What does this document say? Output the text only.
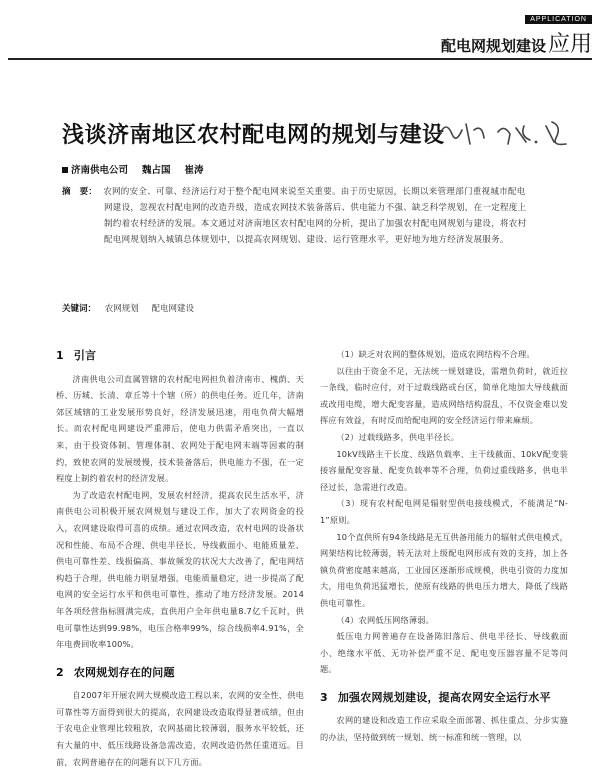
APPLICATION
配电网规划建设应用
浅谈济南地区农村配电网的规划与建设
济南供电公司 魏占国 崔涛
摘　要： 农网的安全、可靠、经济运行对于整个配电网来说至关重要。由于历史原因，长期以来管理部门重视城市配电网建设，忽视农村配电网的改造升级，造成农网技术装备落后、供电能力不强、缺乏科学规划，在一定程度上制约着农村经济的发展。本文通过对济南地区农村配电网的分析，提出了加强农村配电网规划与建设，将农村配电网规划纳入城镇总体规划中，以提高农网规划、建设、运行管理水平，更好地为地方经济发展服务。
关键词： 农网规划 配电网建设
1 引言

济南供电公司直属管辖的农村配电网担负着济南市、槐荫、天桥、历城、长清、章丘等十个辖（所）的供电任务。近几年，济南郊区域辖的工业发展形势良好，经济发展迅速，用电负荷大幅增长。而农村配电网建设严重滞后，使电力供需矛盾突出，一直以来，由于投资体制、管理体制、农网处于配电网末端等因素的制约，致使农网的发展缓慢，技术装备落后，供电能力不强，在一定程度上制约着农村的经济发展。

为了改造农村配电网，发展农村经济，提高农民生活水平，济南供电公司积极开展农网规划与建设工作，加大了农网资金的投入，农网建设取得可喜的成绩。通过农网改造，农村电网的设备状况和性能、布局不合理、供电半径长、导线截面小、电能质量差、供电可靠性差、线损偏高、事故频发的状况大大改善了，配电网结构趋于合理，供电能力明显增强，电能质量稳定，进一步提高了配电网的安全运行水平和供电可靠性，推动了地方经济发展。2014年各项经营指标圆满完成，直供用户全年供电量8.7亿千瓦时，供电可靠性达到99.98%，电压合格率99%，综合线损率4.91%，全年电费回收率100%。

2 农网规划存在的问题

自2007年开展农网大规模改造工程以来，农网的安全性、供电可靠性等方面得到很大的提高，农网建设改造取得显著成绩，但由于农电企业管理比较粗放，农网基础比较薄弱，服务水平较低，还有大量的中、低压线路设备急需改造，农网改造仍然任重道远。目前，农网普遍存在的问题有以下几方面。

（1）缺乏对农网的整体规划，造成农网结构不合理。

以往由于资金不足，无法统一规划建设，需增负荷时，就近拉一条线，临时应付，对于过载线路或台区，简单化地加大导线截面或改用电缆，增大配变容量，造成网络结构混乱，不仅资金难以发挥应有效益，有时反而给配电网的安全经济运行带来麻烦。

（2）过载线路多，供电半径长。

10kV线路主干长度、线路负载率、主干线截面、10kV配变装接容量配变容量、配变负载率等不合理，负荷过重线路多，供电半径过长，急需进行改造。

（3）现有农村配电网是辐射型供电接线模式，不能满足“N-1”原则。

10个直供所有94条线路是无互供备用能力的辐射式供电模式，网架结构比较薄弱，转无法对上级配电网形成有效的支持，加上各镇负荷密度越来越高，工业园区逐渐形成规模，供电引资的力度加大，用电负荷迅猛增长，使原有线路的供电压力增大，降低了线路供电可靠性。

（4）农网低压网络薄弱。

低压电力网普遍存在设备陈旧落后、供电半径长、导线截面小、绝缘水平低、无功补偿严重不足、配电变压器容量不足等问题。

3 加强农网规划建设，提高农网安全运行水平

农网的建设和改造工作应采取全面部署、抓住重点、分步实施的办法，坚持做到统一规划、统一标准和统一管理，以
